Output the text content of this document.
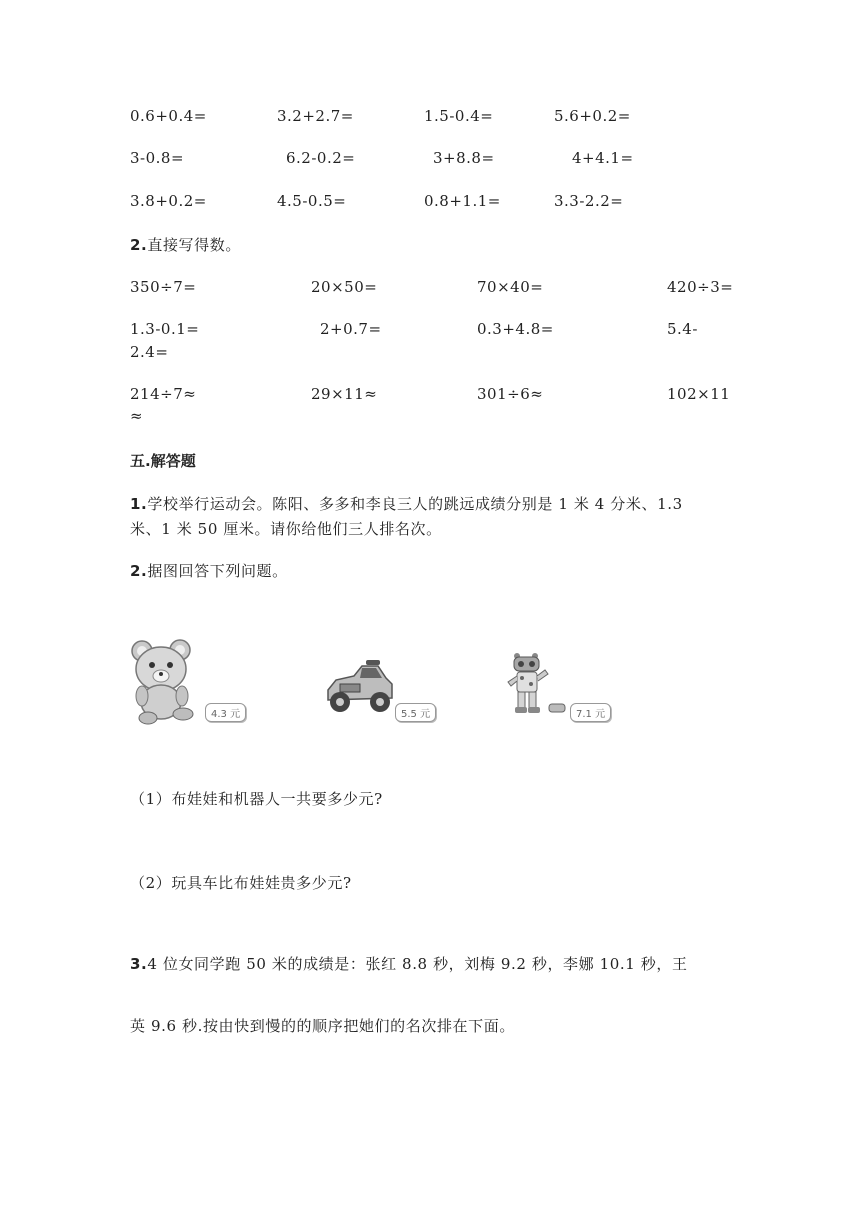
0.6+0.4=	3.2+2.7=	1.5-0.4=	5.6+0.2=
3-0.8=	6.2-0.2=	3+8.8=	4+4.1=
3.8+0.2=	4.5-0.5=	0.8+1.1=	3.3-2.2=
2.直接写得数。
350÷7=	20×50=	70×40=	420÷3=
1.3-0.1=	2+0.7=	0.3+4.8=	5.4-
2.4=
214÷7≈	29×11≈	301÷6≈	102×11
≈
五.解答题
1.学校举行运动会。陈阳、多多和李良三人的跳远成绩分别是 1 米 4 分米、1.3
米、1 米 50 厘米。请你给他们三人排名次。
2.据图回答下列问题。
4.3 元	5.5 元	7.1 元
（1）布娃娃和机器人一共要多少元?
（2）玩具车比布娃娃贵多少元?
3.4 位女同学跑 50 米的成绩是：张红 8.8 秒，刘梅 9.2 秒，李娜 10.1 秒，王
英 9.6 秒.按由快到慢的的顺序把她们的名次排在下面。
